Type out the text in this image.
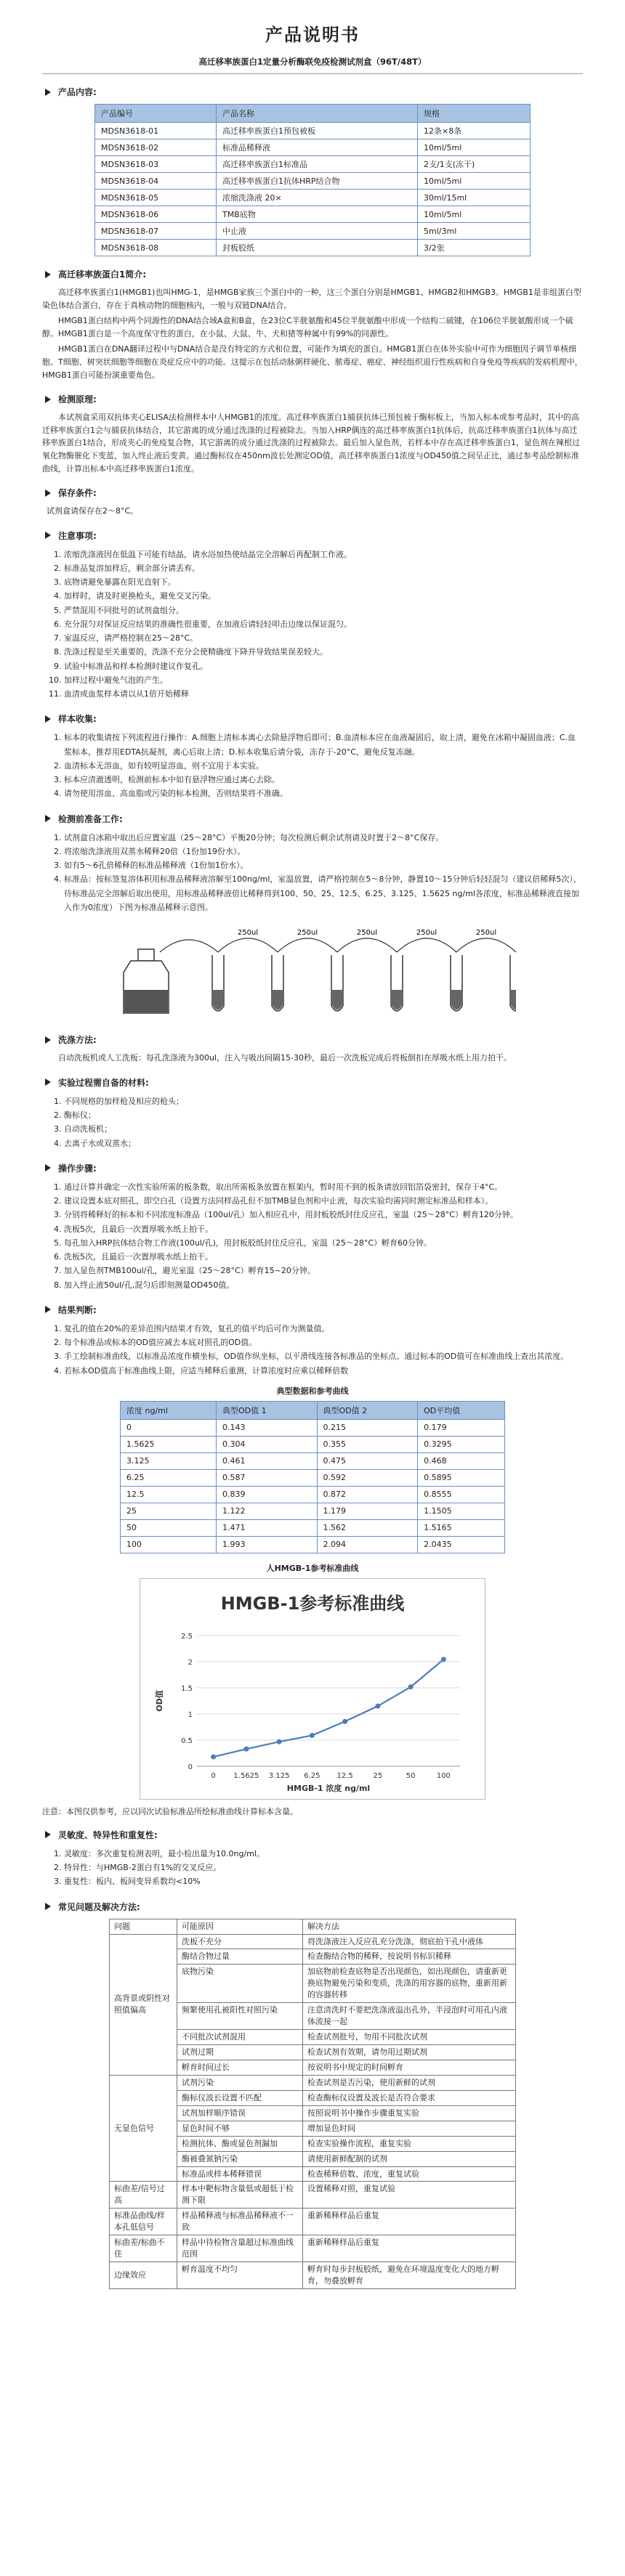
产品说明书
高迁移率族蛋白1定量分析酶联免疫检测试剂盒（96T/48T）
产品内容:
产品编号	产品名称	规格
MDSN3618-01	高迁移率族蛋白1预包被板	12条×8条
MDSN3618-02	标准品稀释液	10ml/5ml
MDSN3618-03	高迁移率族蛋白1标准品	2支/1支(冻干)
MDSN3618-04	高迁移率族蛋白1抗体HRP结合物	10ml/5ml
MDSN3618-05	浓缩洗涤液 20×	30ml/15ml
MDSN3618-06	TMB底物	10ml/5ml
MDSN3618-07	中止液	5ml/3ml
MDSN3618-08	封板胶纸	3/2张
高迁移率族蛋白1简介:

高迁移率族蛋白1(HMGB1)也叫HMG-1，是HMGB家族三个蛋白中的一种，这三个蛋白分别是HMGB1、HMGB2和HMGB3。HMGB1是非组蛋白型染色体结合蛋白，存在于真核动物的细胞核内，一般与双链DNA结合。

HMGB1蛋白结构中两个同源性的DNA结合域A盒和B盒，在23位C半胱氨酸和45位半胱氨酸中形成一个结构二硫键，在106位半胱氨酸形成一个硫醇。HMGB1蛋白是一个高度保守性的蛋白，在小鼠、大鼠、牛、犬和猪等种属中有99%的同源性。

HMGB1蛋白在DNA翻译过程中与DNA结合是没有特定的方式和位置，可能作为填充的蛋白。HMGB1蛋白在体外实验中可作为细胞因子调节单核细胞、T细胞、树突状细胞等细胞在炎症反应中的功能。这提示在包括动脉粥样硬化、脓毒症、癌症、神经组织退行性疾病和自身免疫等疾病的发病机理中，HMGB1蛋白可能扮演重要角色。

检测原理:

本试剂盒采用双抗体夹心ELISA法检测样本中人HMGB1的浓度。高迁移率族蛋白1捕获抗体已预包被于酶标板上，当加入标本或参考品时，其中的高迁移率族蛋白1会与捕获抗体结合，其它游离的成分通过洗涤的过程被除去。当加入HRP偶连的高迁移率族蛋白1抗体后，抗高迁移率族蛋白1抗体与高迁移率族蛋白1结合，形成夹心的免疫复合物，其它游离的成分通过洗涤的过程被除去。最后加入显色剂，若样本中存在高迁移率族蛋白1，显色剂在辣根过氧化物酶催化下变蓝，加入终止液后变黄。通过酶标仪在450nm波长处测定OD值，高迁移率族蛋白1浓度与OD450值之间呈正比，通过参考品绘制标准曲线，计算出标本中高迁移率族蛋白1浓度。

保存条件:

试剂盒请保存在2～8°C。

注意事项:
1. 浓缩洗涤液因在低温下可能有结晶，请水浴加热使结晶完全溶解后再配制工作液。
2. 标准品复溶加样后，剩余部分请丢弃。
3. 底物请避免暴露在阳光直射下。
4. 加样时，请及时更换枪头，避免交叉污染。
5. 严禁混用不同批号的试剂盒组分。
6. 充分混匀对保证反应结果的准确性很重要，在加液后请轻轻叩击边缘以保证混匀。
7. 室温反应，请严格控制在25～28°C。
8. 洗涤过程是至关重要的，洗涤不充分会使精确度下降并导致结果误差较大。
9. 试验中标准品和样本检测时建议作复孔。
10. 加样过程中避免气泡的产生。
11. 血清或血浆样本请以从1倍开始稀释
样本收集:
1. 标本的收集请按下列流程进行操作：A.细胞上清标本离心去除悬浮物后即可；B.血清标本应在血液凝固后，取上清，避免在冰箱中凝固血液；C.血浆标本，推荐用EDTA抗凝剂，离心后取上清；D.标本收集后请分装，冻存于-20°C，避免反复冻融。
2. 血清标本无溶血，如有较明显溶血，则不宜用于本实验。
3. 标本应清澈透明，检测前标本中如有悬浮物应通过离心去除。
4. 请勿使用溶血、高血脂或污染的标本检测，否则结果将不准确。
检测前准备工作:
1. 试剂盒自冰箱中取出后应置室温（25～28°C）平衡20分钟；每次检测后剩余试剂请及时置于2～8°C保存。
2. 将浓缩洗涤液用双蒸水稀释20倍（1份加19份水）。
3. 如有5～6孔倍稀释的标准品稀释液（1份加1份水）。
4. 标准品：按标签复溶体积用标准品稀释液溶解至100ng/ml，室温放置，请严格控制在5～8分钟，静置10～15分钟后轻轻混匀（建议倍稀释5次），待标准品完全溶解后取出使用，用标准品稀释液倍比稀释得到100、50、25、12.5、6.25、3.125、1.5625 ng/ml各浓度，标准品稀释液直接加入作为0浓度）下图为标准品稀释示意图。
250ul	250ul	250ul	250ul	250ul
洗涤方法:

自动洗板机或人工洗板：每孔洗涤液为300ul，注入与吸出间隔15-30秒，最后一次洗板完成后将板倒扣在厚吸水纸上用力拍干。

实验过程需自备的材料:
1. 不同规格的加样枪及相应的枪头；
2. 酶标仪；
3. 自动洗板机；
4. 去离子水或双蒸水；
操作步骤:
1. 通过计算并确定一次性实验所需的板条数，取出所需板条放置在框架内，暂时用不到的板条请放回铝箔袋密封，保存于4°C。
2. 建议设置本底对照孔，即空白孔（设置方法同样品孔但不加TMB显色剂和中止液，每次实验均需同时测定标准品和样本）。
3. 分别将稀释好的标本和不同浓度标准品（100ul/孔）加入相应孔中，用封板胶纸封住反应孔，室温（25～28°C）孵育120分钟。
4. 洗板5次，且最后一次置厚吸水纸上拍干。
5. 每孔加入HRP抗体结合物工作液(100ul/孔)，用封板胶纸封住反应孔，室温（25～28°C）孵育60分钟。
6. 洗板5次，且最后一次置厚吸水纸上拍干。
7. 加入显色剂TMB100ul/孔，避光室温（25～28°C）孵育15~20分钟。
8. 加入终止液50ul/孔,混匀后即刻测量OD450值。
结果判断:
1. 复孔的值在20%的差异范围内结果才有效，复孔的值平均后可作为测量值。
2. 每个标准品或标本的OD值应减去本底对照孔的OD值。
3. 手工绘制标准曲线，以标准品浓度作横坐标，OD值作纵坐标，以平滑线连接各标准品的坐标点。通过标本的OD值可在标准曲线上查出其浓度。
4. 若标本OD值高于标准曲线上限，应适当稀释后重测，计算浓度时应乘以稀释倍数
典型数据和参考曲线
浓度 ng/ml	典型OD值 1	典型OD值 2	OD平均值
0	0.143	0.215	0.179
1.5625	0.304	0.355	0.3295
3.125	0.461	0.475	0.468
6.25	0.587	0.592	0.5895
12.5	0.839	0.872	0.8555
25	1.122	1.179	1.1505
50	1.471	1.562	1.5165
100	1.993	2.094	2.0435
人HMGB-1参考标准曲线
HMGB-1参考标准曲线
0
0.5
1
1.5
2
2.5
0 1.5625 3.125 6.25 12.5	25	50	100
HMGB-1 浓度 ng/ml
OD值
注意：本图仅供参考，应以同次试验标准品所绘标准曲线计算标本含量。
灵敏度、特异性和重复性:
1. 灵敏度：多次重复检测表明，最小检出量为10.0ng/ml。
2. 特异性：与HMGB-2蛋白有1%的交叉反应。
3. 重复性：板内、板间变异系数均<10%
常见问题及解决方法:
问题	可能原因	解决方法
高背景或阴性对照值偏高	洗板不充分	将洗涤液注入反应孔充分洗涤，彻底拍干孔中液体
	酶结合物过量	检查酶结合物的稀释，按说明书标识稀释
	底物污染	加底物前检查底物是否出现颜色，如出现颜色，请重新更换底物避免污染和变质，洗涤的用容器的底物，重新用新的容器转移
	频繁使用孔被阳性对照污染	注意清洗时不要把洗涤液溢出孔外，半浸泡时可用孔内液体流接一起
	不同批次试剂混用	检查试剂批号，勿用不同批次试剂
	试剂过期	检查试剂有效期，请勿用过期试剂
	孵育时间过长	按说明书中规定的时间孵育
无显色信号	试剂污染	检查试剂是否污染，使用新鲜的试剂
	酶标仪波长设置不匹配	检查酶标仪设置及波长是否符合要求
	试剂加样顺序错误	按照说明书中操作步骤重复实验
	显色时间不够	增加显色时间
	检测抗体、酶或显色剂漏加	检查实验操作流程，重复实验
	酶被叠氮钠污染	请使用新鲜配制的试剂
	标准品或样本稀释错误	检查稀释倍数、浓度，重复试验
标曲差/信号过高	样本中靶标物含量低或超低于检测下限	设置稀释对照，重复试验
标准品曲线/样本孔低信号	样品稀释液与标准品稀释液不一致	重新稀释样品后重复
标曲差/标曲不佳	样品中待检物含量超过标准曲线范围	重新稀释样品后重复
边缘效应	孵育温度不均匀	孵育时每步封板胶纸，避免在环境温度变化大的地方孵育，勿叠放孵育
